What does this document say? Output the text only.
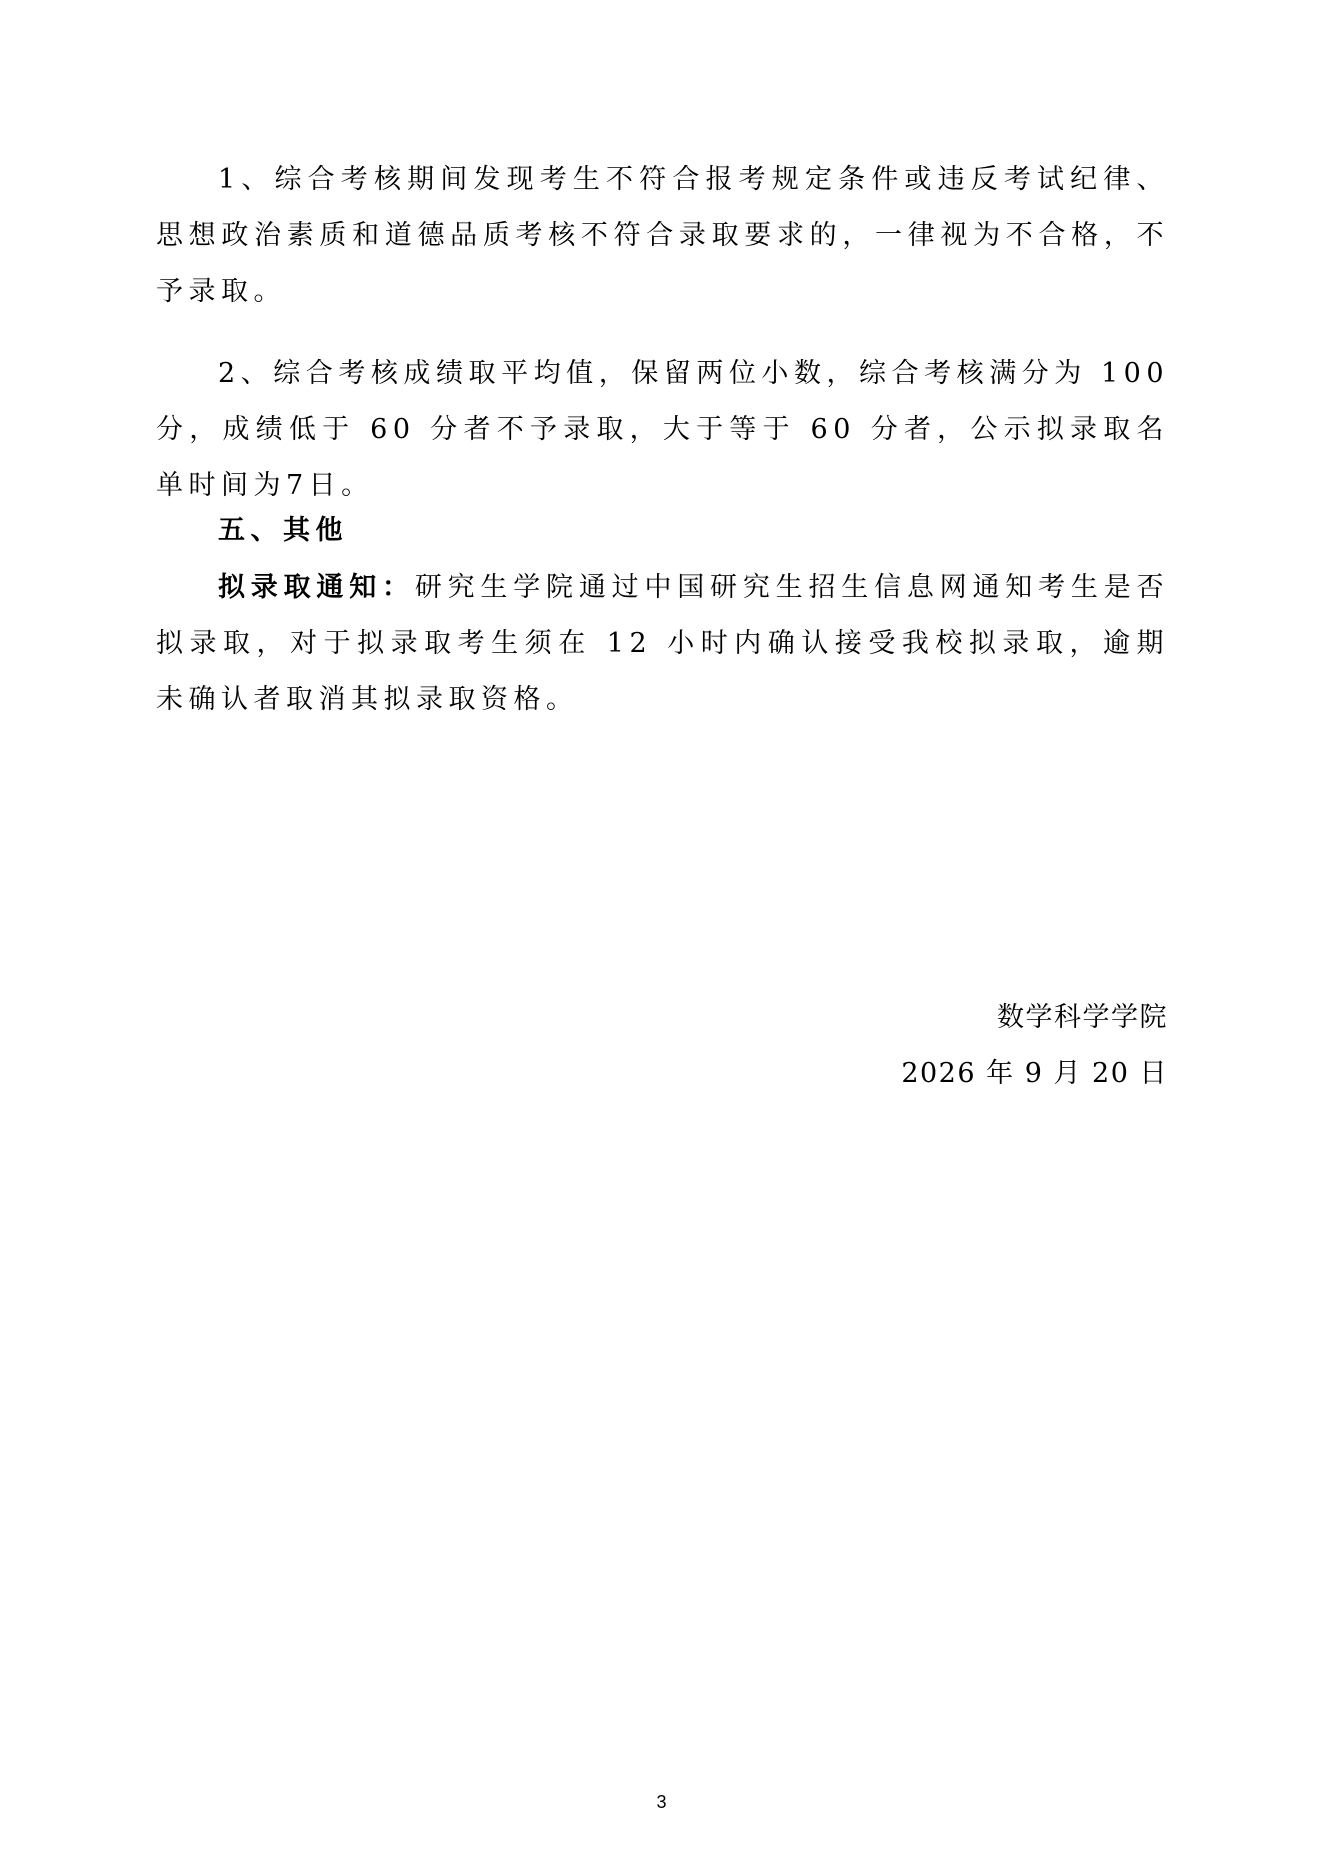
1、综合考核期间发现考生不符合报考规定条件或违反考试纪律、思想政治素质和道德品质考核不符合录取要求的，一律视为不合格，不予录取。

2、综合考核成绩取平均值，保留两位小数，综合考核满分为 100 分，成绩低于 60 分者不予录取，大于等于 60 分者，公示拟录取名单时间为7日。

五、其他

拟录取通知：研究生学院通过中国研究生招生信息网通知考生是否拟录取，对于拟录取考生须在 12 小时内确认接受我校拟录取，逾期未确认者取消其拟录取资格。

数学科学学院
2026 年 9 月 20 日
3
